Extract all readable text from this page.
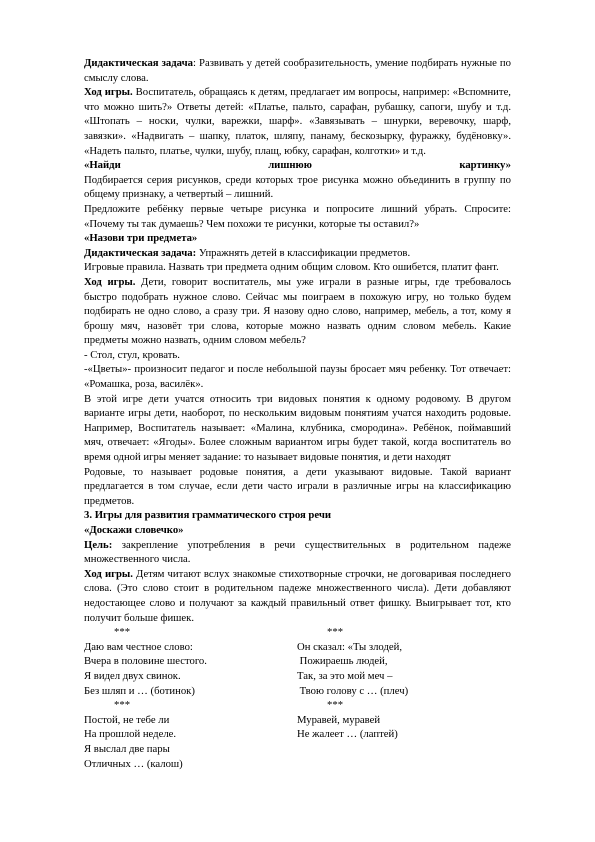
Дидактическая задача: Развивать у детей сообразительность, умение подбирать нужные по смыслу слова.

Ход игры. Воспитатель, обращаясь к детям, предлагает им вопросы, например: «Вспомните, что можно шить?» Ответы детей: «Платье, пальто, сарафан, рубашку, сапоги, шубу и т.д. «Штопать – носки, чулки, варежки, шарф». «Завязывать – шнурки, веревочку, шарф, завязки». «Надвигать – шапку, платок, шляпу, панаму, бескозырку, фуражку, будёновку». «Надеть пальто, платье, чулки, шубу, плащ, юбку, сарафан, колготки» и т.д.

«Найди лишнюю картинку»

Подбирается серия рисунков, среди которых трое рисунка можно объединить в группу по общему признаку, а четвертый – лишний.

Предложите ребёнку первые четыре рисунка и попросите лишний убрать. Спросите: «Почему ты так думаешь? Чем похожи те рисунки, которые ты оставил?»

«Назови три предмета»

Дидактическая задача: Упражнять детей в классификации предметов.

Игровые правила. Назвать три предмета одним общим словом. Кто ошибется, платит фант.

Ход игры. Дети, говорит воспитатель, мы уже играли в разные игры, где требовалось быстро подобрать нужное слово. Сейчас мы поиграем в похожую игру, но только будем подбирать не одно слово, а сразу три. Я назову одно слово, например, мебель, а тот, кому я брошу мяч, назовёт три слова, которые можно назвать одним словом мебель. Какие предметы можно назвать, одним словом мебель?

- Стол, стул, кровать.

-«Цветы»- произносит педагог и после небольшой паузы бросает мяч ребенку. Тот отвечает: «Ромашка, роза, василёк».

В этой игре дети учатся относить три видовых понятия к одному родовому. В другом варианте игры дети, наоборот, по нескольким видовым понятиям учатся находить родовые. Например, Воспитатель называет: «Малина, клубника, смородина». Ребёнок, поймавший мяч, отвечает: «Ягоды». Более сложным вариантом игры будет такой, когда воспитатель во время одной игры меняет задание: то называет видовые понятия, и дети находят

Родовые, то называет родовые понятия, а дети указывают видовые. Такой вариант предлагается в том случае, если дети часто играли в различные игры на классификацию предметов.

3. Игры для развития грамматического строя речи

«Доскажи словечко»

Цель: закрепление употребления в речи существительных в родительном падеже множественного числа.

Ход игры. Детям читают вслух знакомые стихотворные строчки, не договаривая последнего слова. (Это слово стоит в родительном падеже множественного числа). Дети добавляют недостающее слово и получают за каждый правильный ответ фишку. Выигрывает тот, кто получит больше фишек.

***

Даю вам честное слово:

Вчера в половине шестого.

Я видел двух свинок.

Без шляп и … (ботинок)

***

Он сказал: «Ты злодей,

Пожираешь людей,

Так, за это мой меч –

Твою голову с … (плеч)

***

Постой, не тебе ли

На прошлой неделе.

Я выслал две пары

Отличных … (калош)

***

Муравей, муравей

Не жалеет … (лаптей)
